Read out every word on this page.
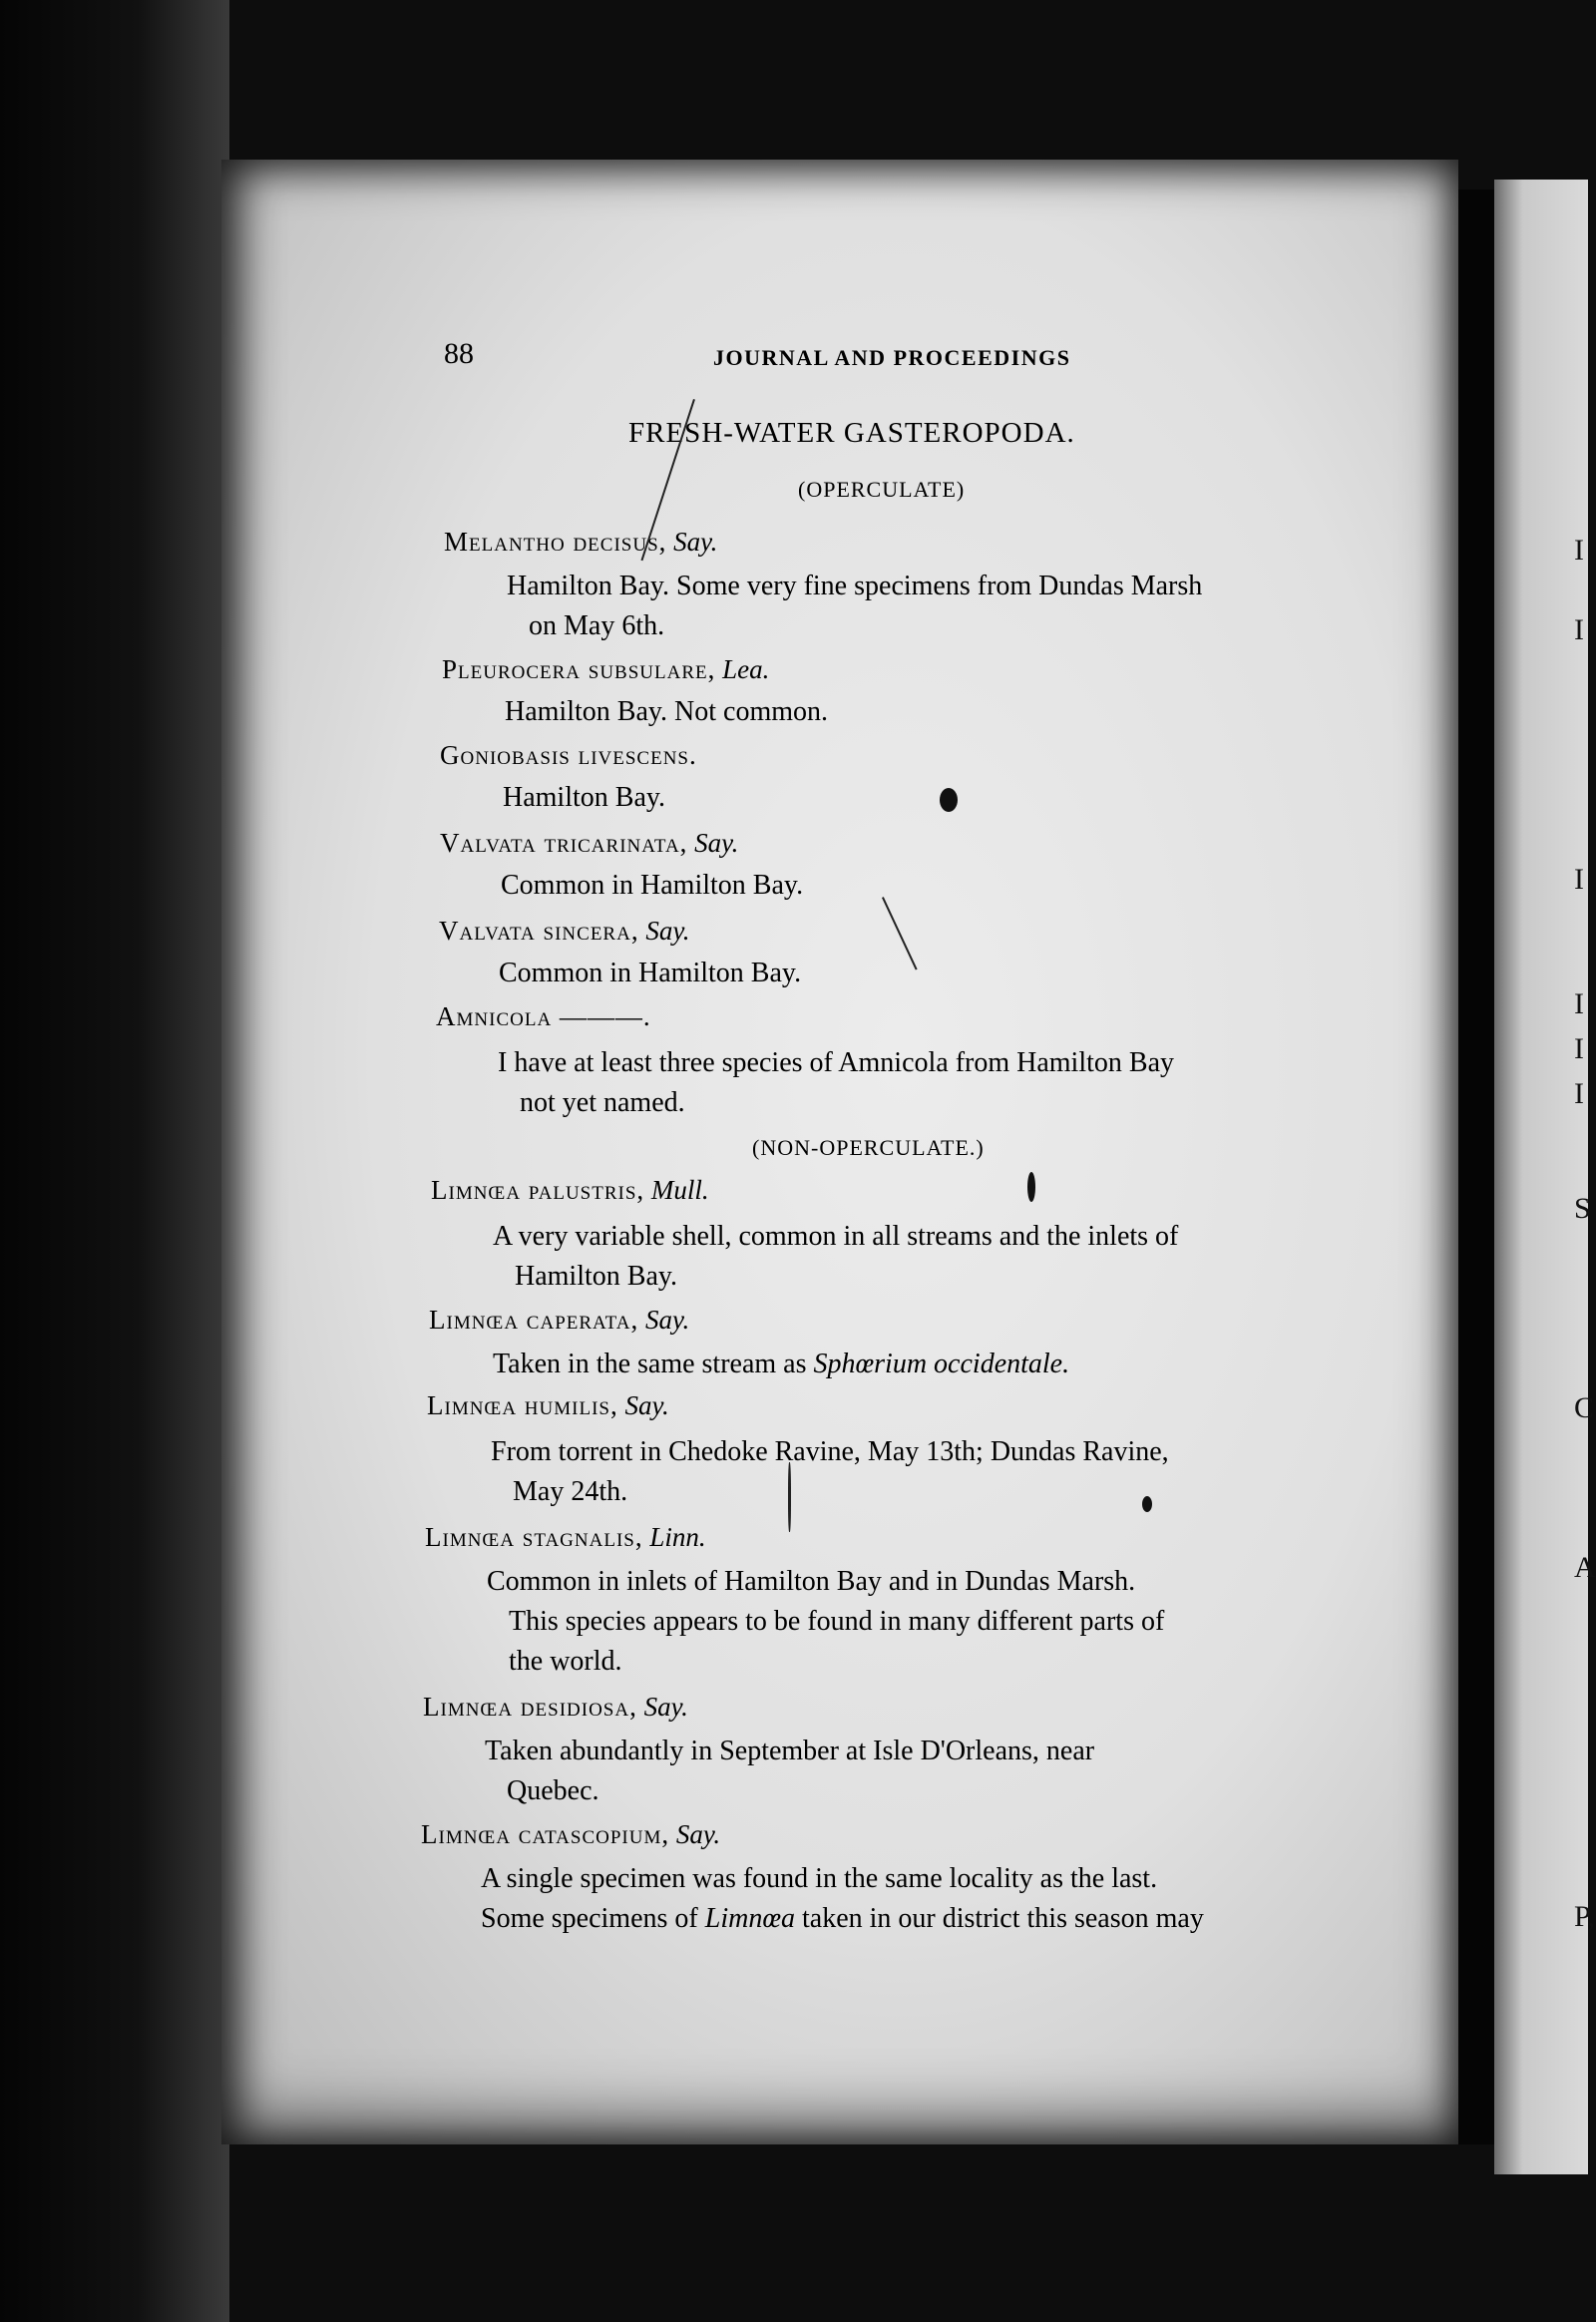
I
I
I
I
I
I
S
C
A
P,
88	JOURNAL AND PROCEEDINGS
FRESH-WATER GASTEROPODA.
(OPERCULATE)
Melantho decisus, Say.
Hamilton Bay. Some very fine specimens from Dundas Marsh
on May 6th.
Pleurocera subsulare, Lea.
Hamilton Bay. Not common.
Goniobasis livescens.
Hamilton Bay.
Valvata tricarinata, Say.
Common in Hamilton Bay.
Valvata sincera, Say.
Common in Hamilton Bay.
Amnicola ———.
I have at least three species of Amnicola from Hamilton Bay
not yet named.
(NON-OPERCULATE.)
Limnœa palustris, Mull.
A very variable shell, common in all streams and the inlets of
Hamilton Bay.
Limnœa caperata, Say.
Taken in the same stream as Sphœrium occidentale.
Limnœa humilis, Say.
From torrent in Chedoke Ravine, May 13th; Dundas Ravine,
May 24th.
Limnœa stagnalis, Linn.
Common in inlets of Hamilton Bay and in Dundas Marsh.
This species appears to be found in many different parts of
the world.
Limnœa desidiosa, Say.
Taken abundantly in September at Isle D'Orleans, near
Quebec.
Limnœa catascopium, Say.
A single specimen was found in the same locality as the last.
Some specimens of Limnœa taken in our district this season may
